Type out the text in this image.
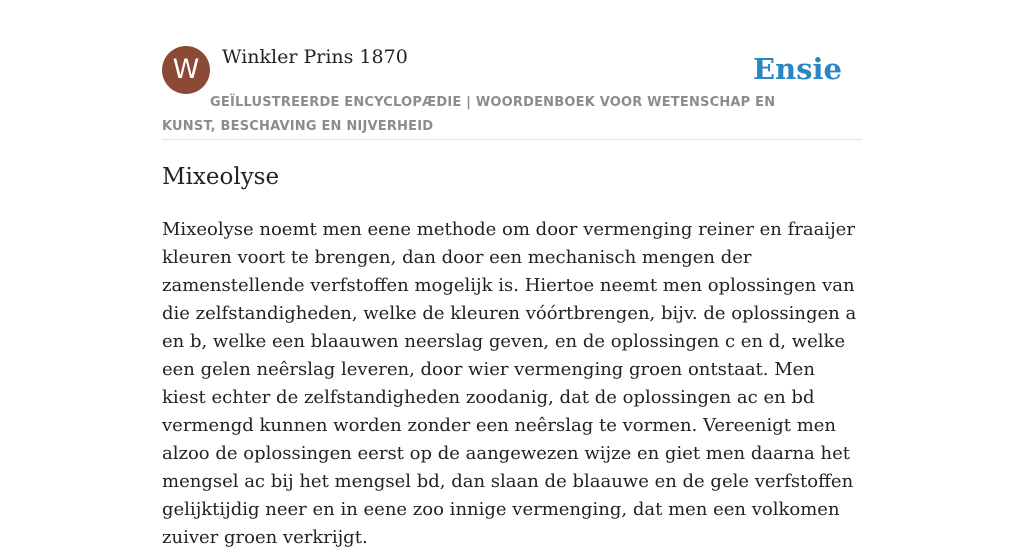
W	Winkler Prins 1870	Ensie
GEÏLLUSTREERDE ENCYCLOPÆDIE | WOORDENBOEK VOOR WETENSCHAP EN KUNST, BESCHAVING EN NIJVERHEID
Mixeolyse

Mixeolyse noemt men eene methode om door vermenging reiner en fraaijer kleuren voort te brengen, dan door een mechanisch mengen der zamenstellende verfstoffen mogelijk is. Hiertoe neemt men oplossingen van die zelfstandigheden, welke de kleuren vóórtbrengen, bijv. de oplossingen a en b, welke een blaauwen neerslag geven, en de oplossingen c en d, welke een gelen neêrslag leveren, door wier vermenging groen ontstaat. Men kiest echter de zelfstandigheden zoodanig, dat de oplossingen ac en bd vermengd kunnen worden zonder een neêrslag te vormen. Vereenigt men alzoo de oplossingen eerst op de aangewezen wijze en giet men daarna het mengsel ac bij het mengsel bd, dan slaan de blaauwe en de gele verfstoffen gelijktijdig neer en in eene zoo innige vermenging, dat men een volkomen zuiver groen verkrijgt.
